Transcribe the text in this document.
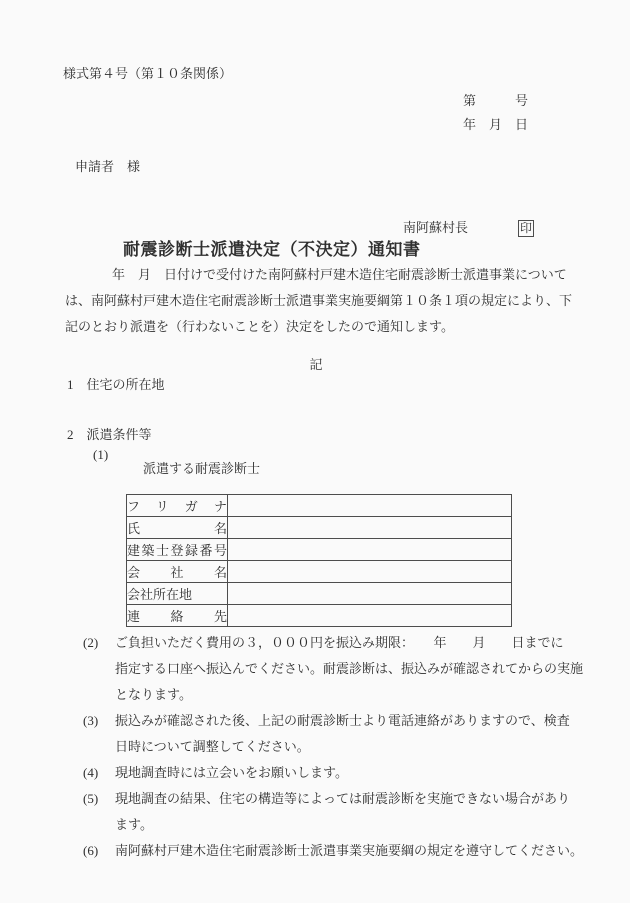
様式第４号（第１０条関係）
第　　　号
年　月　日
申請者　様

南阿蘇村長	印

耐震診断士派遣決定（不決定）通知書
年　月　日付けで受付けた南阿蘇村戸建木造住宅耐震診断士派遣事業について
は、南阿蘇村戸建木造住宅耐震診断士派遣事業実施要綱第１０条１項の規定により、下
記のとおり派遣を（行わないことを）決定をしたので通知します。
記
1　住宅の所在地
2　派遣条件等

(1)
派遣する耐震診断士

フリガナ	
氏名	
建築士登録番号	
会社名	
会社所在地	
連絡先	
(2) ご負担いただく費用の３，０００円を振込み期限：　　年　　月　　日までに
指定する口座へ振込んでください。耐震診断は、振込みが確認されてからの実施
となります。
(3) 振込みが確認された後、上記の耐震診断士より電話連絡がありますので、検査
日時について調整してください。
(4) 現地調査時には立会いをお願いします。
(5) 現地調査の結果、住宅の構造等によっては耐震診断を実施できない場合があり
ます。
(6) 南阿蘇村戸建木造住宅耐震診断士派遣事業実施要綱の規定を遵守してください。
